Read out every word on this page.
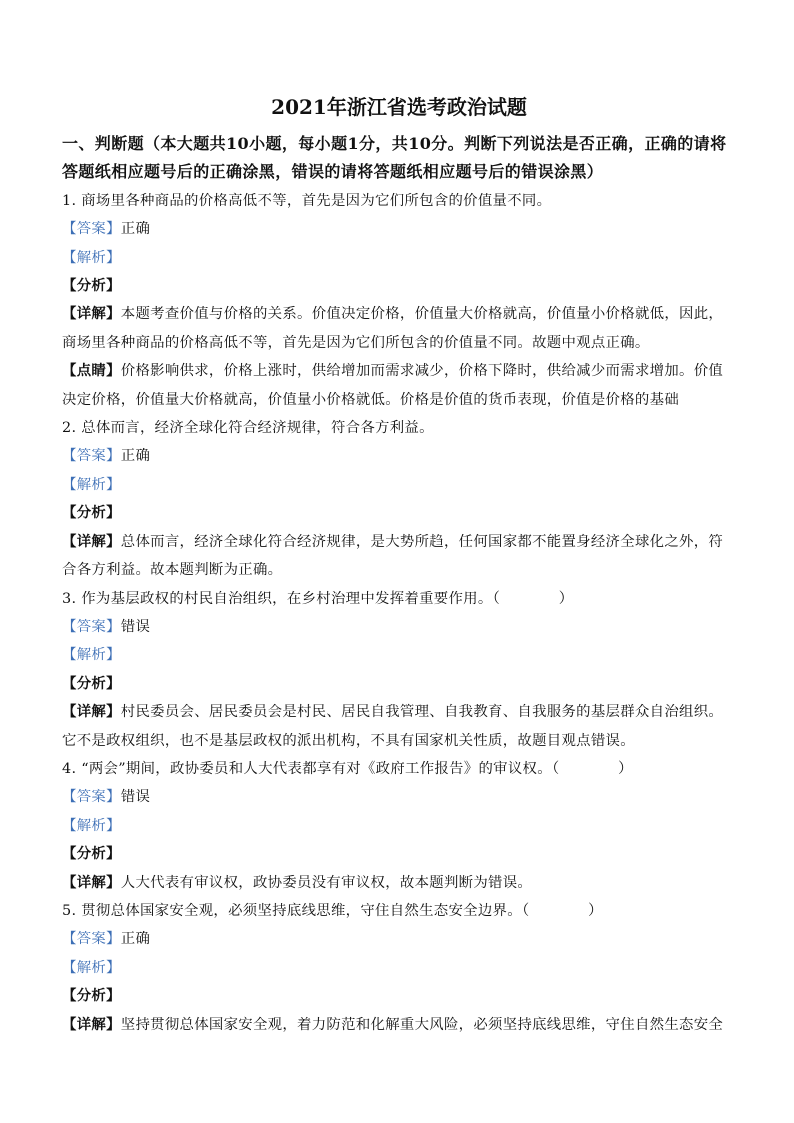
2021年浙江省选考政治试题
一、判断题（本大题共10小题，每小题1分，共10分。判断下列说法是否正确，正确的请将答题纸相应题号后的正确涂黑，错误的请将答题纸相应题号后的错误涂黑）
1. 商场里各种商品的价格高低不等，首先是因为它们所包含的价值量不同。
【答案】正确
【解析】
【分析】
【详解】本题考查价值与价格的关系。价值决定价格，价值量大价格就高，价值量小价格就低，因此，商场里各种商品的价格高低不等，首先是因为它们所包含的价值量不同。故题中观点正确。
【点睛】价格影响供求，价格上涨时，供给增加而需求减少，价格下降时，供给减少而需求增加。价值决定价格，价值量大价格就高，价值量小价格就低。价格是价值的货币表现，价值是价格的基础
2. 总体而言，经济全球化符合经济规律，符合各方利益。
【答案】正确
【解析】
【分析】
【详解】总体而言，经济全球化符合经济规律，是大势所趋，任何国家都不能置身经济全球化之外，符合各方利益。故本题判断为正确。
3. 作为基层政权的村民自治组织，在乡村治理中发挥着重要作用。（　　　　）
【答案】错误
【解析】
【分析】
【详解】村民委员会、居民委员会是村民、居民自我管理、自我教育、自我服务的基层群众自治组织。它不是政权组织，也不是基层政权的派出机构，不具有国家机关性质，故题目观点错误。
4. “两会”期间，政协委员和人大代表都享有对《政府工作报告》的审议权。（　　　　）
【答案】错误
【解析】
【分析】
【详解】人大代表有审议权，政协委员没有审议权，故本题判断为错误。
5. 贯彻总体国家安全观，必须坚持底线思维，守住自然生态安全边界。（　　　　）
【答案】正确
【解析】
【分析】
【详解】坚持贯彻总体国家安全观，着力防范和化解重大风险，必须坚持底线思维，守住自然生态安全
